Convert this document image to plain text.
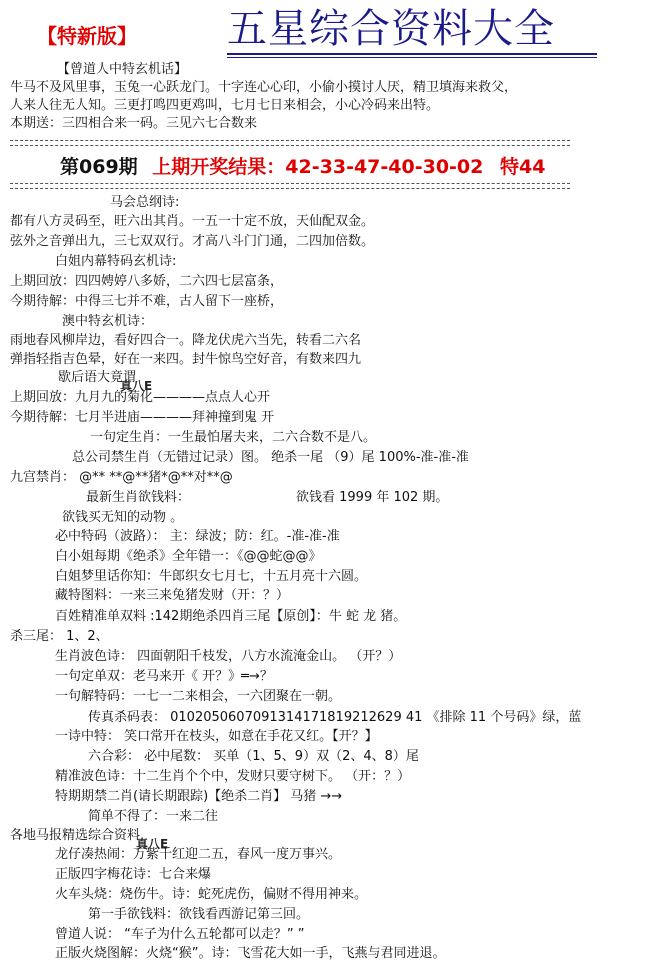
【特新版】 五星综合资料大全
【曾道人中特玄机话】
牛马不及风里事，玉兔一心跃龙门。十字连心心印，小偷小摸讨人厌，精卫填海来救父，
人来人往无人知。三更打鸣四更鸡叫，七月七日来相会，小心冷码来出特。
本期送：三四相合来一码。三见六七合数来
第069期 上期开奖结果：42-33-47-40-30-02 特44
马会总纲诗:
都有八方灵码至，旺六出其肖。一五一十定不放，天仙配双金。
弦外之音弹出九，三七双双行。才高八斗门门通，二四加倍数。
白姐内幕特码玄机诗:
上期回放：四四娉婷八多娇，二六四七层富条，
今期待解：中得三七并不难，古人留下一座桥，
澳中特玄机诗：
雨地春风柳岸边，看好四合一。降龙伏虎六当先，转看二六名
弹指轻指吉色晕，好在一来四。封牛惊鸟空好音，有数来四九
歇后语大竟谓
真八E
上期回放：九月九的菊化————点点人心开
今期待解：七月半进庙————拜神撞到鬼 开
一句定生肖：一生最怕屠夫来，二六合数不是八。
总公司禁生肖（无错过记录）图。 绝杀一尾 （9）尾 100%-准-准-准
九宫禁肖： @** **@**猪*@**对**@
最新生肖欲钱料：	欲钱看 1999 年 102 期。
欲钱买无知的动物 。
必中特码（波路）： 主：绿波；防：红。-准-准-准
白小姐每期《绝杀》全年错一：《@@蛇@@》
白姐梦里话你知：牛郎织女七月七，十五月亮十六圆。
藏特图料：一来三来兔猪发财（开：？）
百姓精准单双料 :142期绝杀四肖三尾【原创】：牛 蛇 龙 猪。
杀三尾： 1、2、
生肖波色诗： 四面朝阳千枝发，八方水流淹金山。 （开？）
一句定单双：老马来开《 开？》═→？
一句解特码：一七一二来相会，一六团聚在一朝。
传真杀码表： 0102050607091314171819212629 41 《排除 11 个号码》绿，蓝
一诗中特： 笑口常开在枝头，如意在手花又红。【开？】
六合彩： 必中尾数： 买单（1、5、9）双（2、4、8）尾
精准波色诗：十二生肖个个中，发财只要守树下。 （开：？）
特期期禁二肖(请长期跟踪)【绝杀二肖】 马猪 →→
简单不得了：一来二往
各地马报精选综合资料
真八E
龙仔凑热闹：万紫千红迎二五，春风一度万事兴。
正版四字梅花诗：七合来爆
火车头烧：烧伤牛。诗：蛇死虎伤，偏财不得用神来。
第一手欲钱料：欲钱看西游记第三回。
曾道人说： “车子为什么五轮都可以走？” ”
正版火烧图解：火烧“猴”。诗：飞雪花大如一手，飞燕与君同进退。
